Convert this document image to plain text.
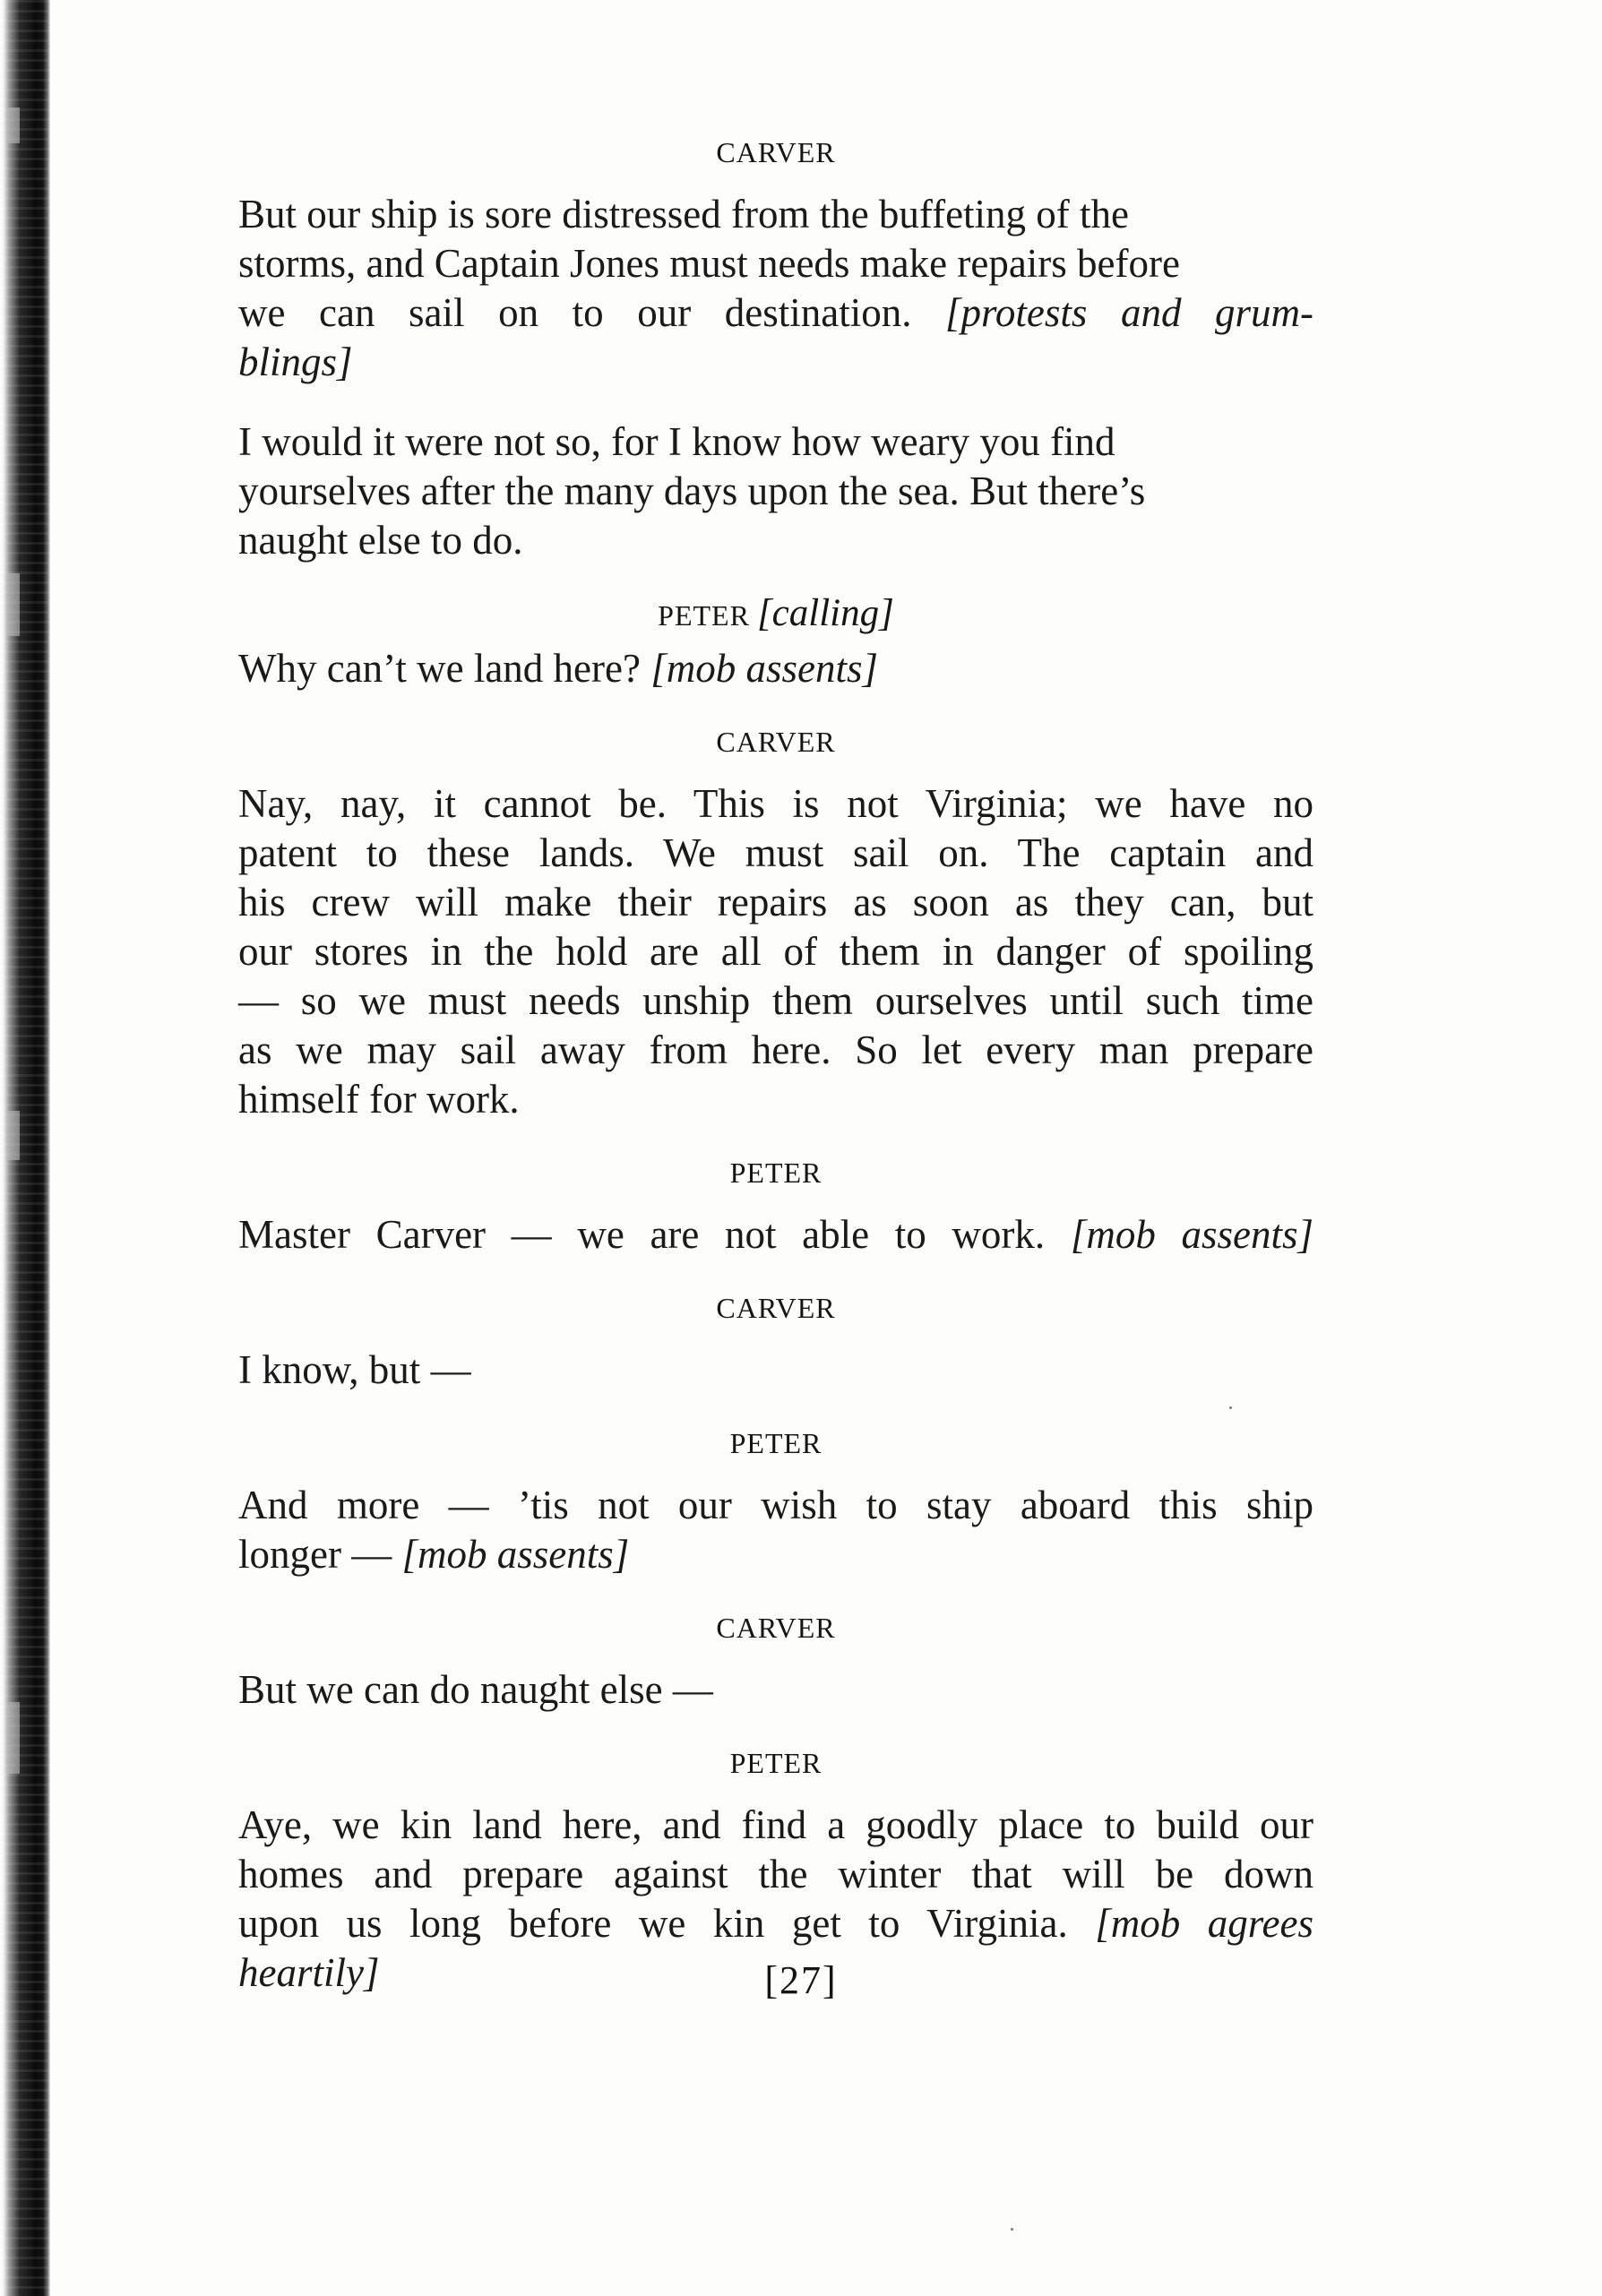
CARVER

But our ship is sore distressed from the buffeting of the

storms, and Captain Jones must needs make repairs before

we can sail on to our destination. [protests and grum-

blings]

I would it were not so, for I know how weary you find

yourselves after the many days upon the sea. But there’s

naught else to do.

PETER [calling]

Why can’t we land here? [mob assents]

CARVER

Nay, nay, it cannot be. This is not Virginia; we have no

patent to these lands. We must sail on. The captain and

his crew will make their repairs as soon as they can, but

our stores in the hold are all of them in danger of spoiling

— so we must needs unship them ourselves until such time

as we may sail away from here. So let every man prepare

himself for work.

PETER

Master Carver — we are not able to work. [mob assents]

CARVER

I know, but —

PETER

And more — ’tis not our wish to stay aboard this ship

longer — [mob assents]

CARVER

But we can do naught else —

PETER

Aye, we kin land here, and find a goodly place to build our

homes and prepare against the winter that will be down

upon us long before we kin get to Virginia. [mob agrees

heartily]	[27]
